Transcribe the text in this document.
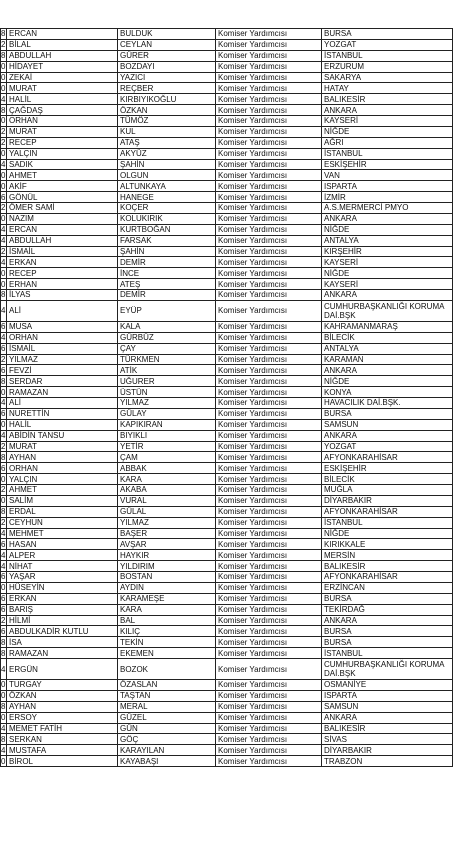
8	ERCAN	BULDUK	Komiser Yardımcısı	BURSA
2	BİLAL	CEYLAN	Komiser Yardımcısı	YOZGAT
8	ABDULLAH	GÜRER	Komiser Yardımcısı	İSTANBUL
0	HİDAYET	BOZDAYI	Komiser Yardımcısı	ERZURUM
0	ZEKAİ	YAZICI	Komiser Yardımcısı	SAKARYA
0	MURAT	REÇBER	Komiser Yardımcısı	HATAY
4	HALİL	KIRBIYIKOĞLU	Komiser Yardımcısı	BALIKESİR
8	ÇAĞDAŞ	ÖZKAN	Komiser Yardımcısı	ANKARA
0	ORHAN	TÜMÖZ	Komiser Yardımcısı	KAYSERİ
2	MURAT	KUL	Komiser Yardımcısı	NİĞDE
2	RECEP	ATAŞ	Komiser Yardımcısı	AĞRI
0	YALÇIN	AKYÜZ	Komiser Yardımcısı	İSTANBUL
4	SADIK	ŞAHİN	Komiser Yardımcısı	ESKİŞEHİR
0	AHMET	OLGUN	Komiser Yardımcısı	VAN
0	AKİF	ALTUNKAYA	Komiser Yardımcısı	ISPARTA
6	GÖNÜL	HANEGE	Komiser Yardımcısı	İZMİR
2	ÖMER SAMİ	KOÇER	Komiser Yardımcısı	A.S.MERMERCİ PMYO
0	NAZIM	KOLUKIRIK	Komiser Yardımcısı	ANKARA
4	ERCAN	KURTBOĞAN	Komiser Yardımcısı	NİĞDE
4	ABDULLAH	FARSAK	Komiser Yardımcısı	ANTALYA
2	İSMAİL	ŞAHİN	Komiser Yardımcısı	KIRŞEHİR
4	ERKAN	DEMİR	Komiser Yardımcısı	KAYSERİ
0	RECEP	İNCE	Komiser Yardımcısı	NİĞDE
0	ERHAN	ATEŞ	Komiser Yardımcısı	KAYSERİ
8	İLYAS	DEMİR	Komiser Yardımcısı	ANKARA
4	ALİ	EYÜP	Komiser Yardımcısı	CUMHURBAŞKANLIĞI KORUMA DAİ.BŞK
6	MUSA	KALA	Komiser Yardımcısı	KAHRAMANMARAŞ
4	ORHAN	GÜRBÜZ	Komiser Yardımcısı	BİLECİK
6	İSMAİL	ÇAY	Komiser Yardımcısı	ANTALYA
2	YILMAZ	TÜRKMEN	Komiser Yardımcısı	KARAMAN
6	FEVZİ	ATİK	Komiser Yardımcısı	ANKARA
8	SERDAR	UĞURER	Komiser Yardımcısı	NİĞDE
0	RAMAZAN	ÜSTÜN	Komiser Yardımcısı	KONYA
4	ALİ	YILMAZ	Komiser Yardımcısı	HAVACILIK DAİ.BŞK.
6	NURETTİN	GÜLAY	Komiser Yardımcısı	BURSA
0	HALİL	KAPIKIRAN	Komiser Yardımcısı	SAMSUN
4	ABİDİN TANSU	BIYIKLI	Komiser Yardımcısı	ANKARA
2	MURAT	YETİR	Komiser Yardımcısı	YOZGAT
8	AYHAN	ÇAM	Komiser Yardımcısı	AFYONKARAHİSAR
6	ORHAN	ABBAK	Komiser Yardımcısı	ESKİŞEHİR
0	YALÇIN	KARA	Komiser Yardımcısı	BİLECİK
2	AHMET	AKABA	Komiser Yardımcısı	MUĞLA
0	SALİM	VURAL	Komiser Yardımcısı	DİYARBAKIR
8	ERDAL	GÜLAL	Komiser Yardımcısı	AFYONKARAHİSAR
2	CEYHUN	YILMAZ	Komiser Yardımcısı	İSTANBUL
4	MEHMET	BAŞER	Komiser Yardımcısı	NİĞDE
6	HASAN	AVŞAR	Komiser Yardımcısı	KIRIKKALE
4	ALPER	HAYKIR	Komiser Yardımcısı	MERSİN
4	NİHAT	YILDIRIM	Komiser Yardımcısı	BALIKESİR
6	YAŞAR	BOSTAN	Komiser Yardımcısı	AFYONKARAHİSAR
0	HÜSEYİN	AYDIN	Komiser Yardımcısı	ERZİNCAN
6	ERKAN	KARAMEŞE	Komiser Yardımcısı	BURSA
6	BARIŞ	KARA	Komiser Yardımcısı	TEKİRDAĞ
2	HİLMİ	BAL	Komiser Yardımcısı	ANKARA
6	ABDULKADİR KUTLU	KILIÇ	Komiser Yardımcısı	BURSA
8	İSA	TEKİN	Komiser Yardımcısı	BURSA
8	RAMAZAN	EKEMEN	Komiser Yardımcısı	İSTANBUL
4	ERGÜN	BOZOK	Komiser Yardımcısı	CUMHURBAŞKANLIĞI KORUMA DAİ.BŞK
0	TURGAY	ÖZASLAN	Komiser Yardımcısı	OSMANİYE
0	ÖZKAN	TAŞTAN	Komiser Yardımcısı	ISPARTA
8	AYHAN	MERAL	Komiser Yardımcısı	SAMSUN
0	ERSOY	GÜZEL	Komiser Yardımcısı	ANKARA
4	MEMET FATİH	GÜN	Komiser Yardımcısı	BALIKESİR
8	SERKAN	GÖÇ	Komiser Yardımcısı	SİVAS
4	MUSTAFA	KARAYILAN	Komiser Yardımcısı	DİYARBAKIR
0	BİROL	KAYABAŞI	Komiser Yardımcısı	TRABZON
